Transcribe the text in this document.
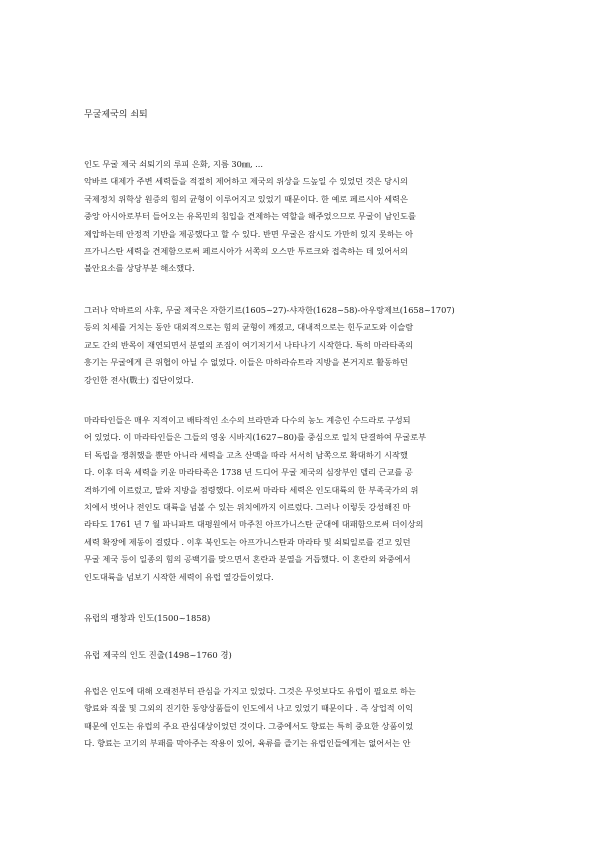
무굴제국의 쇠퇴
인도 무굴 제국 쇠퇴기의 루피 은화, 지름 30㎜, ...
악바르 대제가 주변 세력들을 적절히 제어하고 제국의 위상을 드높일 수 있었던 것은 당시의
국제정치 위학상 원증의 힘의 균형이 이루어지고 있었기 때문이다. 한 예로 페르시아 세력은
중앙 아시아로부터 들어오는 유목민의 침입을 견제하는 역할을 해주었으므로 무굴이 남인도를
제압하는데 안정적 기반을 제공했다고 할 수 있다. 반면 무굴은 잠시도 가만히 있지 못하는 아
프가니스탄 세력을 견제함으로써 페르시아가 서쪽의 오스만 투르크와 접촉하는 데 있어서의
불안요소를 상당부분 해소했다.
그러나 악바르의 사후, 무굴 제국은 자한기르(1605~27)-샤자한(1628~58)-아우랑제브(1658~1707)
등의 치세를 거치는 동안 대외적으로는 힘의 균형이 깨졌고, 대내적으로는 힌두교도와 이슬람
교도 간의 반목이 재연되면서 분열의 조짐이 여기저기서 나타나기 시작한다. 특히 마라타족의
흥기는 무굴에게 큰 위협이 아닐 수 없었다. 이들은 마하라슈트라 지방을 본거지로 활동하던
강인한 전사(戰士) 집단이었다.
마라타인들은 매우 지적이고 배타적인 소수의 브라만과 다수의 농노 계층인 수드라로 구성되
어 있었다. 이 마라타인들은 그들의 영웅 시바지(1627~80)를 중심으로 일치 단결하여 무굴로부
터 독립을 쟁취했을 뿐만 아니라 세력을 고츠 산맥을 따라 서서히 남쪽으로 확대하기 시작했
다. 이후 더욱 세력을 키운 마라타족은 1738 년 드디어 무굴 제국의 심장부인 델리 근교를 공
격하기에 이르렀고, 말와 지방을 점령했다. 이로써 마라타 세력은 인도대륙의 한 부족국가의 위
치에서 벗어나 전인도 대륙을 넘볼 수 있는 위치에까지 이르렀다. 그러나 이렇듯 강성해진 마
라타도 1761 년 7 월 파니파트 대평원에서 마주친 아프가니스탄 군대에 대패함으로써 더이상의
세력 확장에 제동이 걸렸다 . 이후 북인도는 아프가니스탄과 마라타 및 쇠퇴일로를 걷고 있던
무굴 제국 등이 일종의 힘의 공백기를 맞으면서 혼란과 분열을 거듭했다. 이 혼란의 와중에서
인도대륙을 넘보기 시작한 세력이 유럽 열강들이었다.
유럽의 팽창과 인도(1500~1858)
유럽 제국의 인도 진출(1498~1760 경)
유럽은 인도에 대해 오래전부터 관심을 가지고 있었다. 그것은 무엇보다도 유럽이 필요로 하는
향료와 직물 및 그외의 진기한 동양상품들이 인도에서 나고 있었기 때문이다 . 즉 상업적 이익
때문에 인도는 유럽의 주요 관심대상이었던 것이다. 그중에서도 향료는 특히 중요한 상품이었
다. 향료는 고기의 부패를 막아주는 작용이 있어, 육류를 즐기는 유럽인들에게는 없어서는 안
